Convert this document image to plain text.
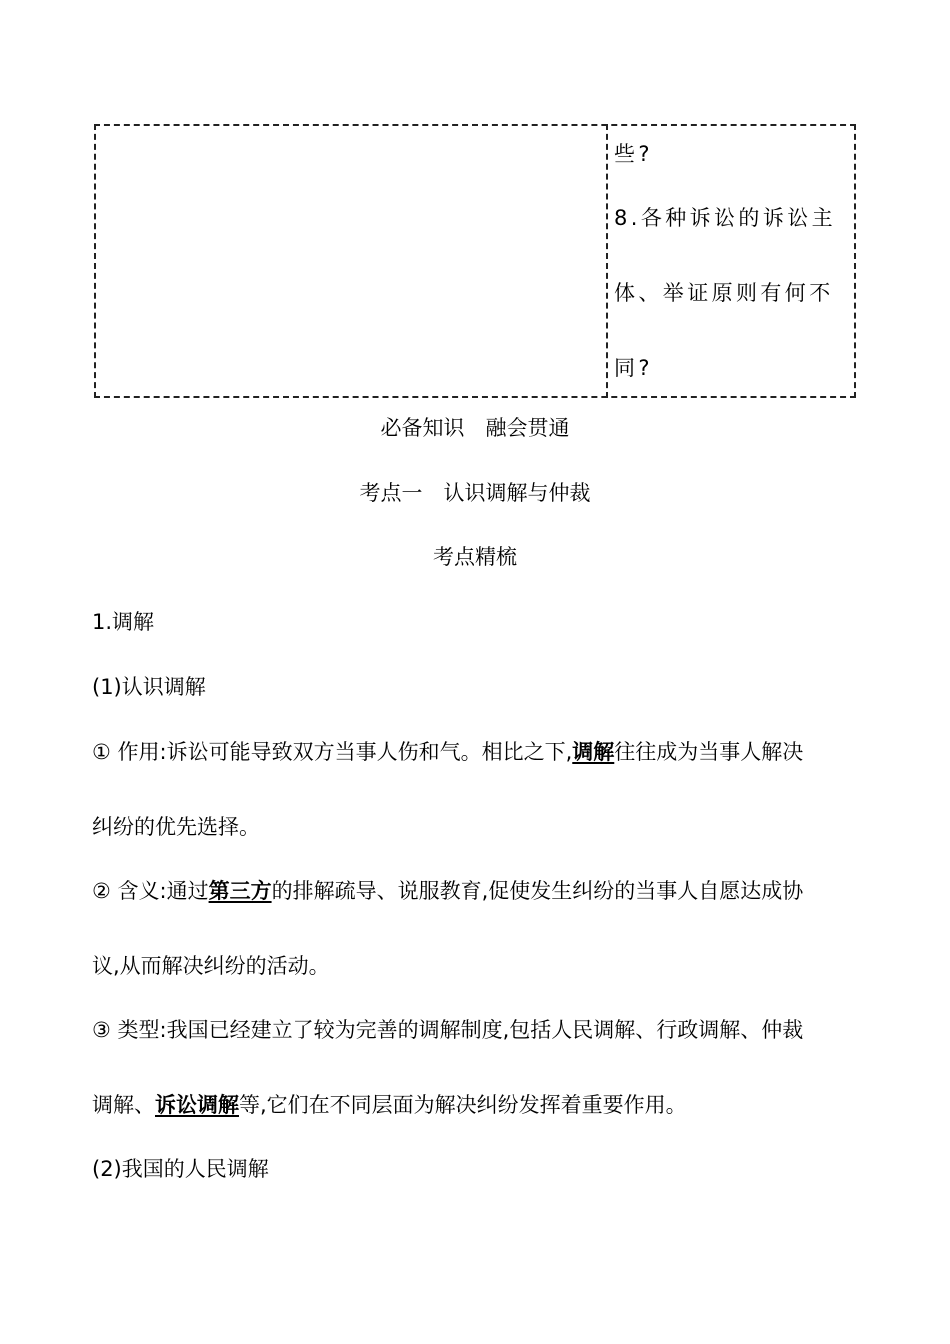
些?
8.各种诉讼的诉讼主
体、举证原则有何不
同?
必备知识　融会贯通
考点一　认识调解与仲裁
考点精梳
1.调解
(1)认识调解
① 作用:诉讼可能导致双方当事人伤和气。相比之下,调解往往成为当事人解决
纠纷的优先选择。
② 含义:通过第三方的排解疏导、说服教育,促使发生纠纷的当事人自愿达成协
议,从而解决纠纷的活动。
③ 类型:我国已经建立了较为完善的调解制度,包括人民调解、行政调解、仲裁
调解、诉讼调解等,它们在不同层面为解决纠纷发挥着重要作用。
(2)我国的人民调解
